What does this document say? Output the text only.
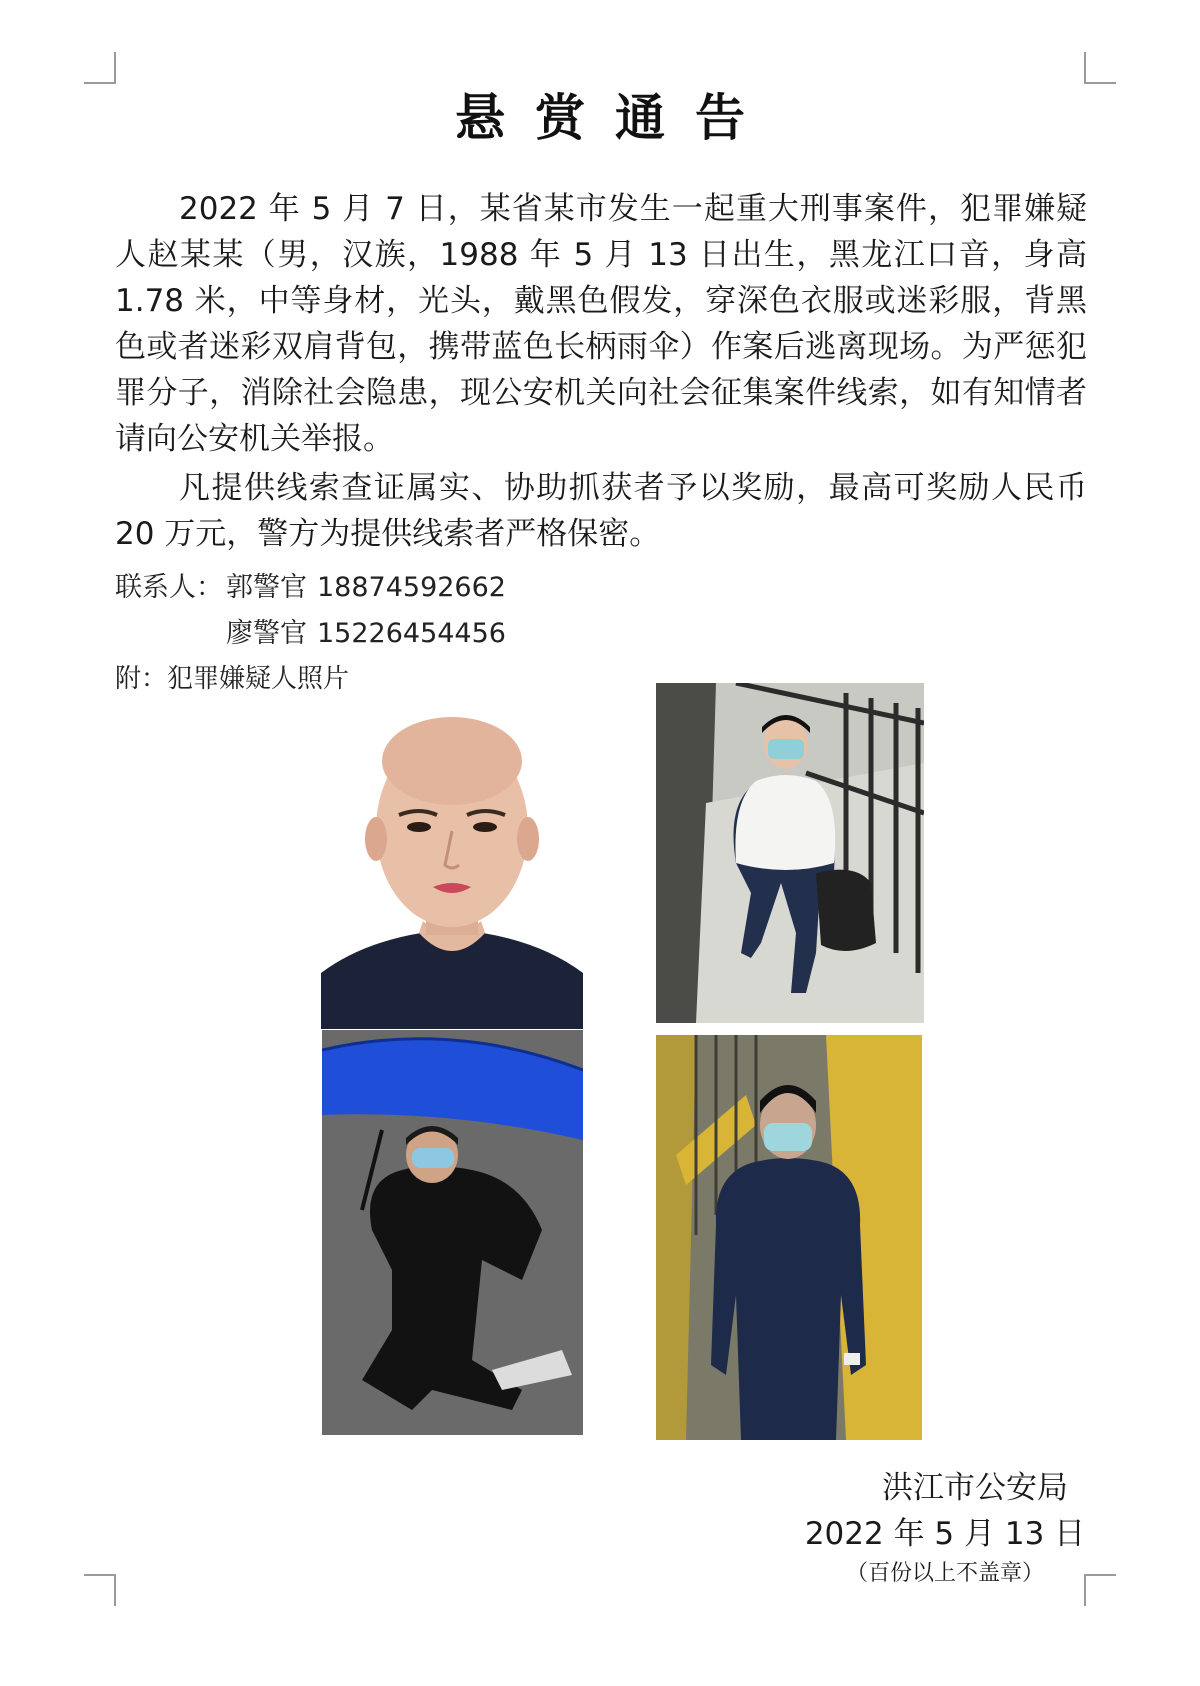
悬赏通告

2022 年 5 月 7 日，某省某市发生一起重大刑事案件，犯罪嫌疑人赵某某（男，汉族，1988 年 5 月 13 日出生，黑龙江口音，身高 1.78 米，中等身材，光头，戴黑色假发，穿深色衣服或迷彩服，背黑色或者迷彩双肩背包，携带蓝色长柄雨伞）作案后逃离现场。为严惩犯罪分子，消除社会隐患，现公安机关向社会征集案件线索，如有知情者请向公安机关举报。

凡提供线索查证属实、协助抓获者予以奖励，最高可奖励人民币 20 万元，警方为提供线索者严格保密。

联系人： 郭警官 18874592662
廖警官 15226454456
附：犯罪嫌疑人照片
洪江市公安局
2022 年 5 月 13 日
（百份以上不盖章）
